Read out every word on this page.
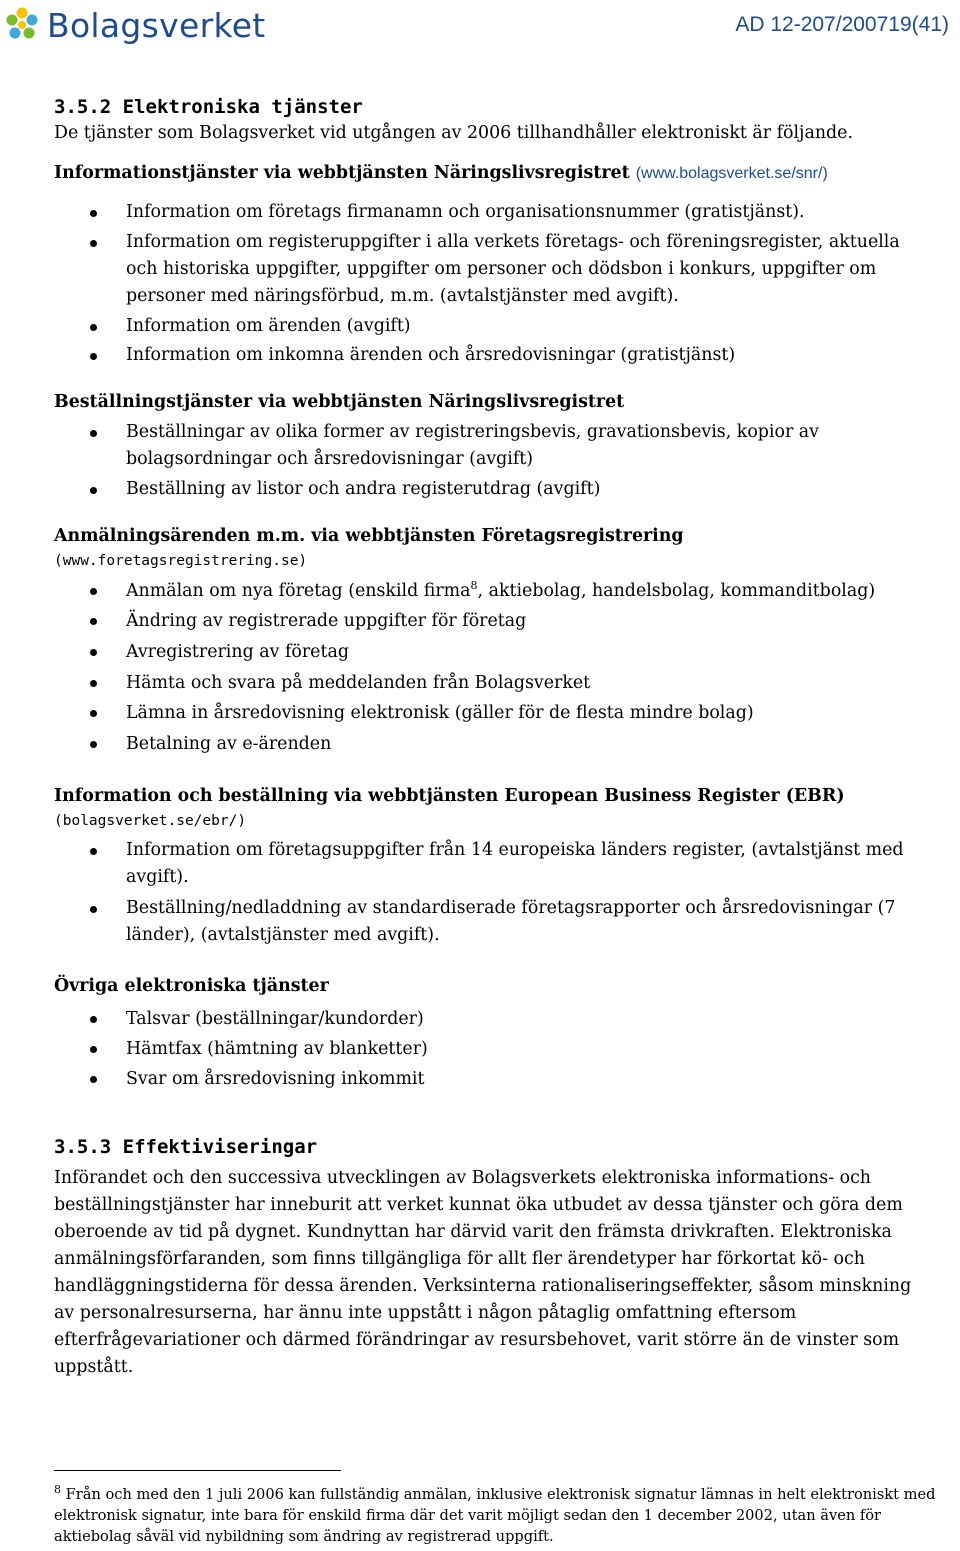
Bolagsverket	AD 12-207/200719(41)
3.5.2 Elektroniska tjänster

De tjänster som Bolagsverket vid utgången av 2006 tillhandhåller elektroniskt är följande.

Informationstjänster via webbtjänsten Näringslivsregistret (www.bolagsverket.se/snr/)

Information om företags firmanamn och organisationsnummer (gratistjänst).
Information om registeruppgifter i alla verkets företags- och föreningsregister, aktuella och historiska uppgifter, uppgifter om personer och dödsbon i konkurs, uppgifter om personer med näringsförbud, m.m. (avtalstjänster med avgift).
Information om ärenden (avgift)
Information om inkomna ärenden och årsredovisningar (gratistjänst)

Beställningstjänster via webbtjänsten Näringslivsregistret

Beställningar av olika former av registreringsbevis, gravationsbevis, kopior av bolagsordningar och årsredovisningar (avgift)
Beställning av listor och andra registerutdrag (avgift)

Anmälningsärenden m.m. via webbtjänsten Företagsregistrering

(www.foretagsregistrering.se)

Anmälan om nya företag (enskild firma$^8$, aktiebolag, handelsbolag, kommanditbolag)
Ändring av registrerade uppgifter för företag
Avregistrering av företag
Hämta och svara på meddelanden från Bolagsverket
Lämna in årsredovisning elektronisk (gäller för de flesta mindre bolag)
Betalning av e-ärenden

Information och beställning via webbtjänsten European Business Register (EBR)

(bolagsverket.se/ebr/)

Information om företagsuppgifter från 14 europeiska länders register, (avtalstjänst med avgift).
Beställning/nedladdning av standardiserade företagsrapporter och årsredovisningar (7 länder), (avtalstjänster med avgift).

Övriga elektroniska tjänster

Talsvar (beställningar/kundorder)
Hämtfax (hämtning av blanketter)
Svar om årsredovisning inkommit
3.5.3 Effektiviseringar

Införandet och den successiva utvecklingen av Bolagsverkets elektroniska informations- och beställningstjänster har inneburit att verket kunnat öka utbudet av dessa tjänster och göra dem oberoende av tid på dygnet. Kundnyttan har därvid varit den främsta drivkraften. Elektroniska anmälningsförfaranden, som finns tillgängliga för allt fler ärendetyper har förkortat kö- och handläggningstiderna för dessa ärenden. Verksinterna rationaliseringseffekter, såsom minskning av personalresurserna, har ännu inte uppstått i någon påtaglig omfattning eftersom efterfrågevariationer och därmed förändringar av resursbehovet, varit större än de vinster som uppstått.

$^8$ Från och med den 1 juli 2006 kan fullständig anmälan, inklusive elektronisk signatur lämnas in helt elektroniskt med elektronisk signatur, inte bara för enskild firma där det varit möjligt sedan den 1 december 2002, utan även för aktiebolag såväl vid nybildning som ändring av registrerad uppgift.
